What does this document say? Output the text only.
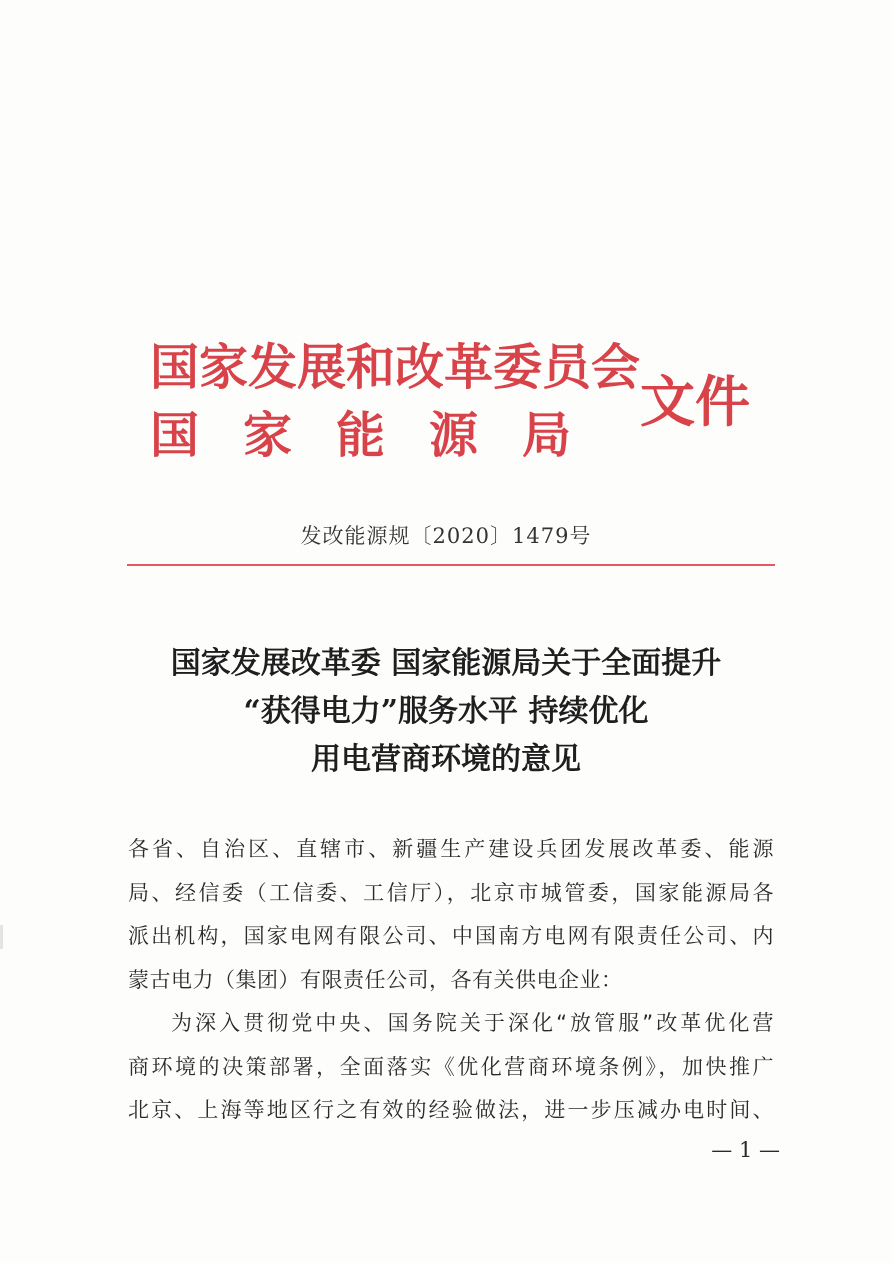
国家发展和改革委员会
国家能源局
文件
发改能源规〔2020〕1479号
国家发展改革委 国家能源局关于全面提升
“获得电力”服务水平 持续优化
用电营商环境的意见
各省、自治区、直辖市、新疆生产建设兵团发展改革委、能源
局、经信委（工信委、工信厅），北京市城管委，国家能源局各
派出机构，国家电网有限公司、中国南方电网有限责任公司、内
蒙古电力（集团）有限责任公司，各有关供电企业：
为深入贯彻党中央、国务院关于深化“放管服”改革优化营
商环境的决策部署，全面落实《优化营商环境条例》，加快推广
北京、上海等地区行之有效的经验做法，进一步压减办电时间、
— 1 —
